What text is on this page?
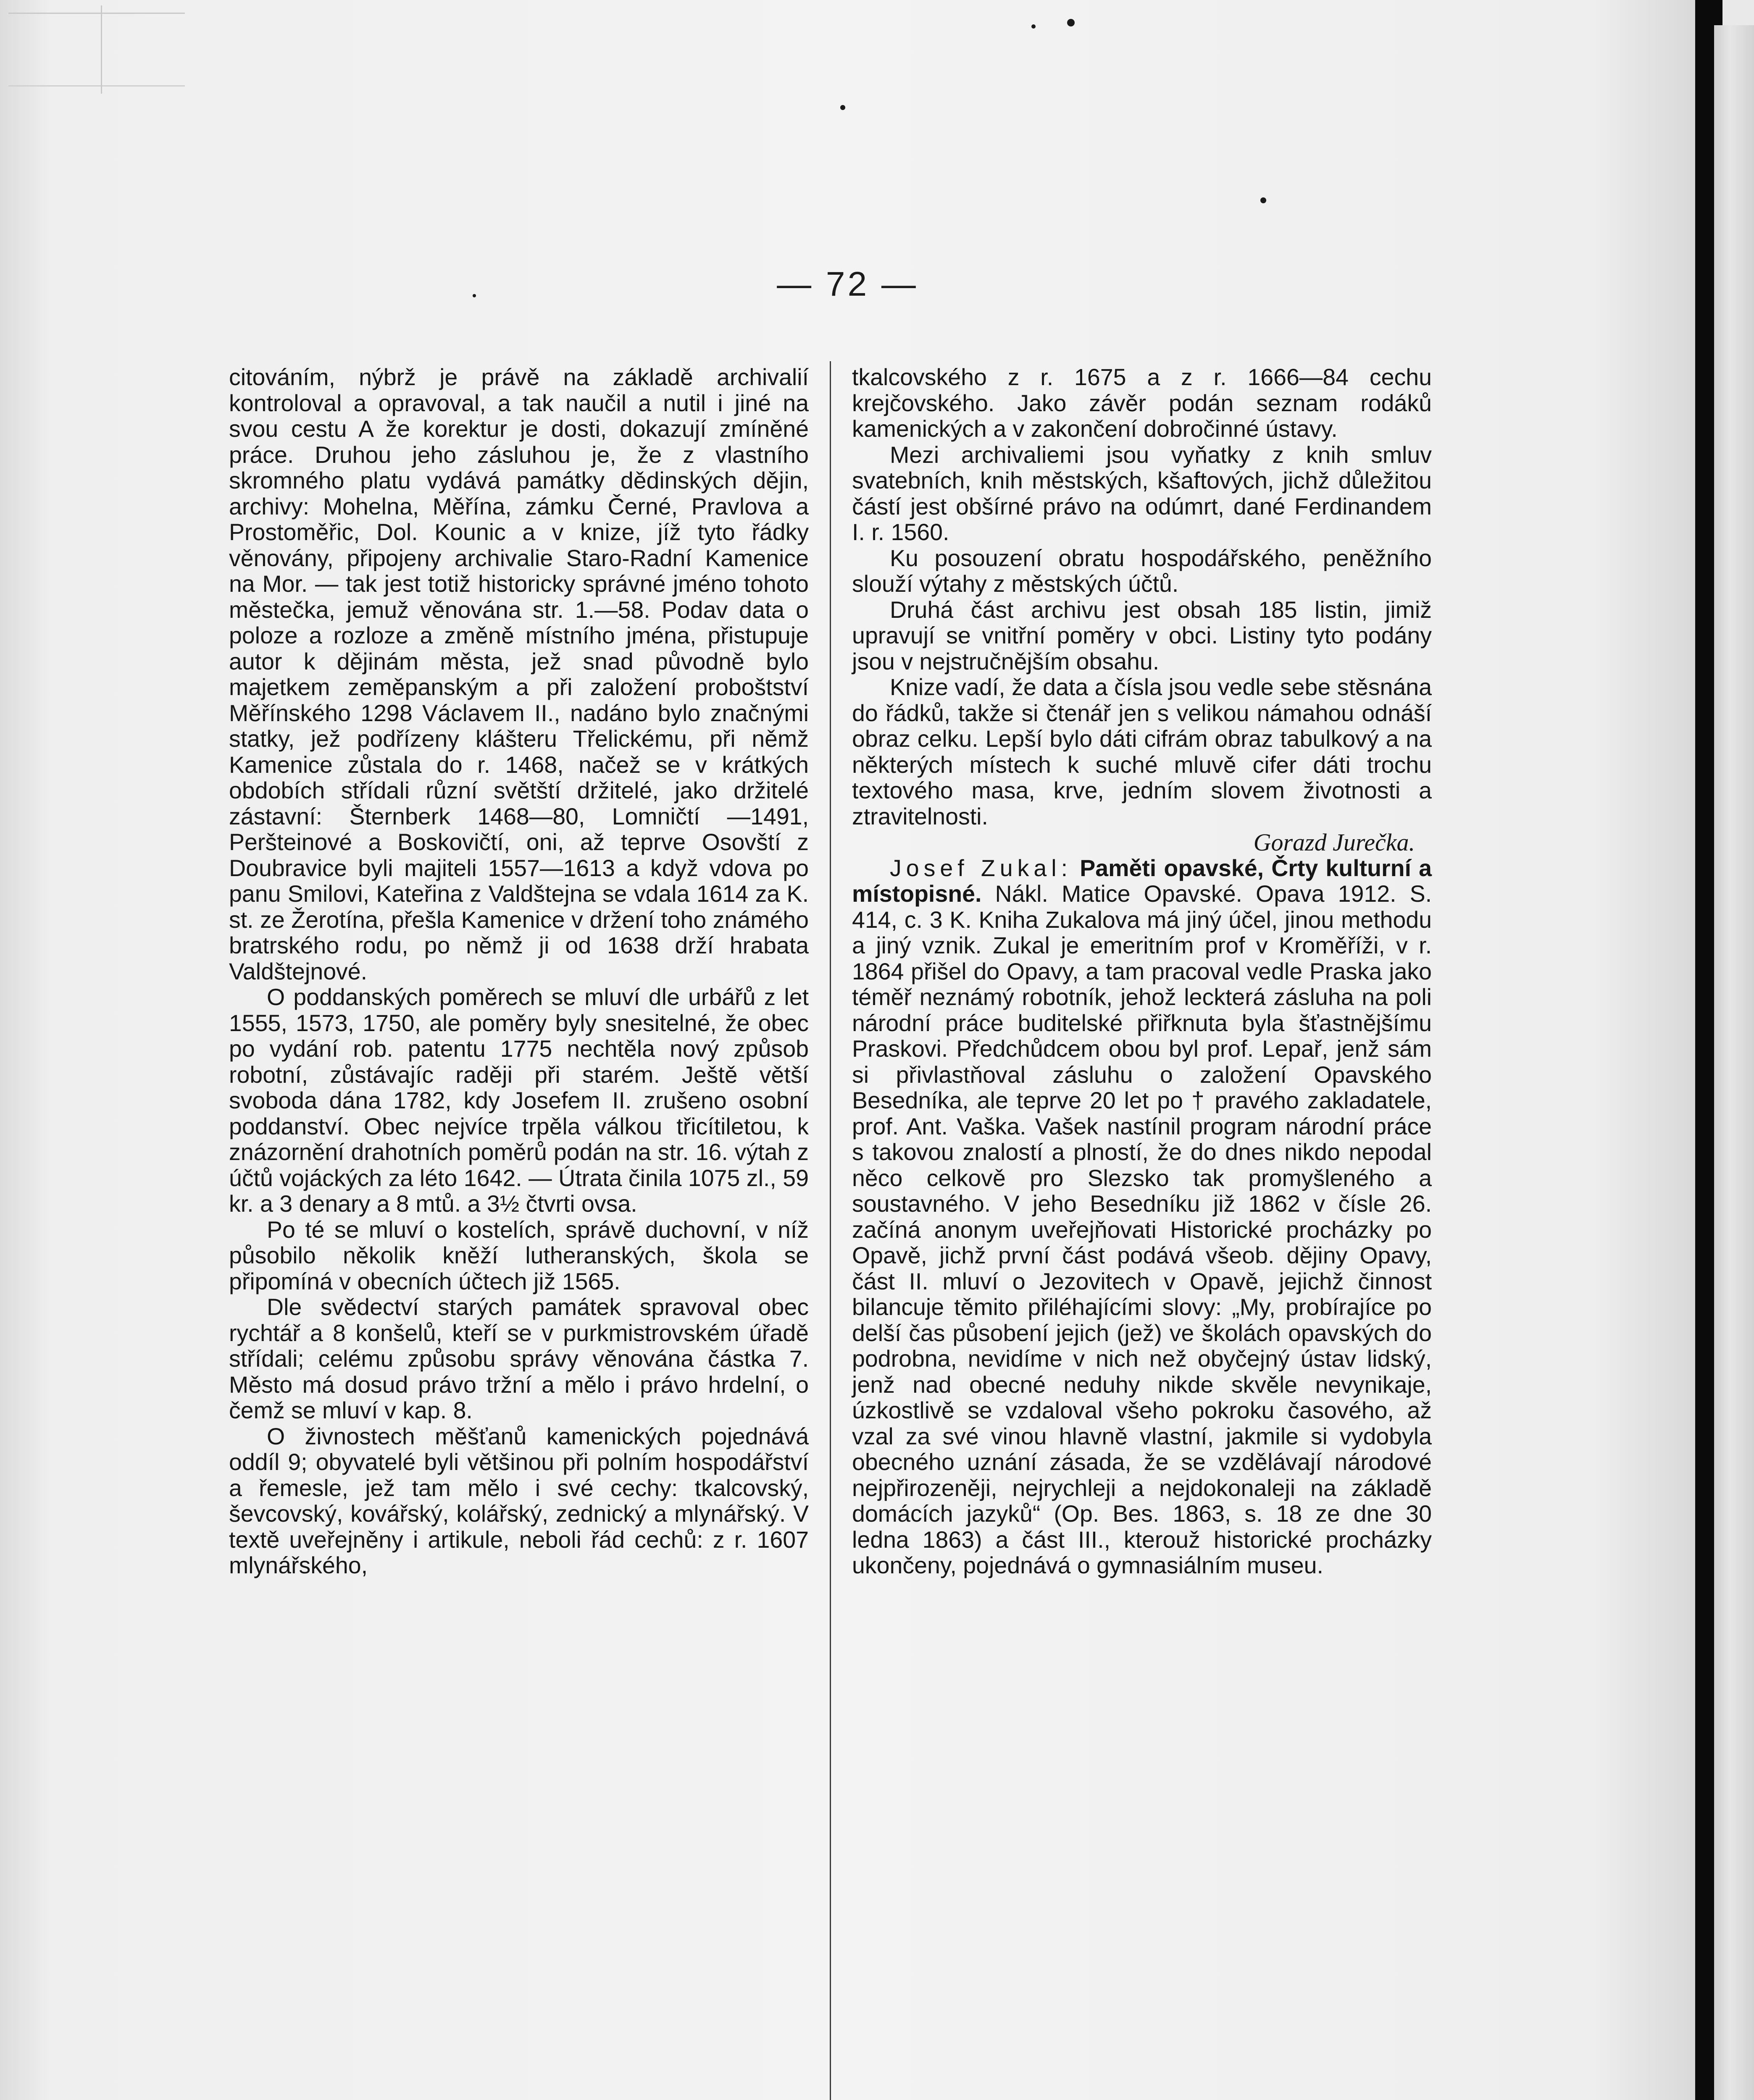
— 72 —

citováním, nýbrž je právě na základě archivalií kontroloval a opravoval, a tak naučil a nutil i jiné na svou cestu A že korektur je dosti, dokazují zmíněné práce. Druhou jeho zásluhou je, že z vlastního skromného platu vydává památky dědinských dějin, archivy: Mohelna, Měřína, zámku Černé, Pravlova a Prostoměřic, Dol. Kounic a v knize, jíž tyto řádky věnovány, připojeny archivalie Staro-Radní Kamenice na Mor. — tak jest totiž historicky správné jméno tohoto městečka, jemuž věnována str. 1.—58. Podav data o poloze a rozloze a změně místního jména, přistupuje autor k dějinám města, jež snad původně bylo majetkem zeměpanským a při založení proboštství Měřínského 1298 Václavem II., nadáno bylo značnými statky, jež podřízeny klášteru Třelickému, při němž Kamenice zůstala do r. 1468, načež se v krátkých obdobích střídali různí světští držitelé, jako držitelé zástavní: Šternberk 1468—80, Lomničtí —1491, Peršteinové a Boskovičtí, oni, až teprve Osovští z Doubravice byli majiteli 1557—1613 a když vdova po panu Smilovi, Kateřina z Valdštejna se vdala 1614 za K. st. ze Žerotína, přešla Kamenice v držení toho známého bratrského rodu, po němž ji od 1638 drží hrabata Valdštejnové.

O poddanských poměrech se mluví dle urbářů z let 1555, 1573, 1750, ale poměry byly snesitelné, že obec po vydání rob. patentu 1775 nechtěla nový způsob robotní, zůstávajíc raději při starém. Ještě větší svoboda dána 1782, kdy Josefem II. zrušeno osobní poddanství. Obec nejvíce trpěla válkou třicítiletou, k znázornění drahotních poměrů podán na str. 16. výtah z účtů vojáckých za léto 1642. — Útrata činila 1075 zl., 59 kr. a 3 denary a 8 mtů. a 3½ čtvrti ovsa.

Po té se mluví o kostelích, správě duchovní, v níž působilo několik kněží lutheranských, škola se připomíná v obecních účtech již 1565.

Dle svědectví starých památek spravoval obec rychtář a 8 konšelů, kteří se v purkmistrovském úřadě střídali; celému způsobu správy věnována částka 7. Město má dosud právo tržní a mělo i právo hrdelní, o čemž se mluví v kap. 8.

O živnostech měšťanů kamenických pojednává oddíl 9; obyvatelé byli většinou při polním hospodářství a řemesle, jež tam mělo i své cechy: tkalcovský, ševcovský, kovářský, kolářský, zednický a mlynářský. V textě uveřejněny i artikule, neboli řád cechů: z r. 1607 mlynářského,

tkalcovského z r. 1675 a z r. 1666—84 cechu krejčovského. Jako závěr podán seznam rodáků kamenických a v zakončení dobročinné ústavy.

Mezi archivaliemi jsou vyňatky z knih smluv svatebních, knih městských, kšaftových, jichž důležitou částí jest obšírné právo na odúmrt, dané Ferdinandem I. r. 1560.

Ku posouzení obratu hospodářského, peněžního slouží výtahy z městských účtů.

Druhá část archivu jest obsah 185 listin, jimiž upravují se vnitřní poměry v obci. Listiny tyto podány jsou v nejstručnějším obsahu.

Knize vadí, že data a čísla jsou vedle sebe stěsnána do řádků, takže si čtenář jen s velikou námahou odnáší obraz celku. Lepší bylo dáti cifrám obraz tabulkový a na některých místech k suché mluvě cifer dáti trochu textového masa, krve, jedním slovem životnosti a ztravitelnosti.

Gorazd Jurečka.

Josef Zukal: Paměti opavské, Črty kulturní a místopisné. Nákl. Matice Opavské. Opava 1912. S. 414, c. 3 K. Kniha Zukalova má jiný účel, jinou methodu a jiný vznik. Zukal je emeritním prof v Kroměříži, v r. 1864 přišel do Opavy, a tam pracoval vedle Praska jako téměř neznámý robotník, jehož leckterá zásluha na poli národní práce buditelské přiřknuta byla šťastnějšímu Praskovi. Předchůdcem obou byl prof. Lepař, jenž sám si přivlastňoval zásluhu o založení Opavského Besedníka, ale teprve 20 let po † pravého zakladatele, prof. Ant. Vaška. Vašek nastínil program národní práce s takovou znalostí a plností, že do dnes nikdo nepodal něco celkově pro Slezsko tak promyšleného a soustavného. V jeho Besedníku již 1862 v čísle 26. začíná anonym uveřejňovati Historické procházky po Opavě, jichž první část podává všeob. dějiny Opavy, část II. mluví o Jezovitech v Opavě, jejichž činnost bilancuje těmito přiléhajícími slovy: „My, probírajíce po delší čas působení jejich (jež) ve školách opavských do podrobna, nevidíme v nich než obyčejný ústav lidský, jenž nad obecné neduhy nikde skvěle nevynikaje, úzkostlivě se vzdaloval všeho pokroku časového, až vzal za své vinou hlavně vlastní, jakmile si vydobyla obecného uznání zásada, že se vzdělávají národové nejpřirozeněji, nejrychleji a nejdokonaleji na základě domácích jazyků“ (Op. Bes. 1863, s. 18 ze dne 30 ledna 1863) a část III., kterouž historické procházky ukončeny, pojednává o gymnasiálním museu.
